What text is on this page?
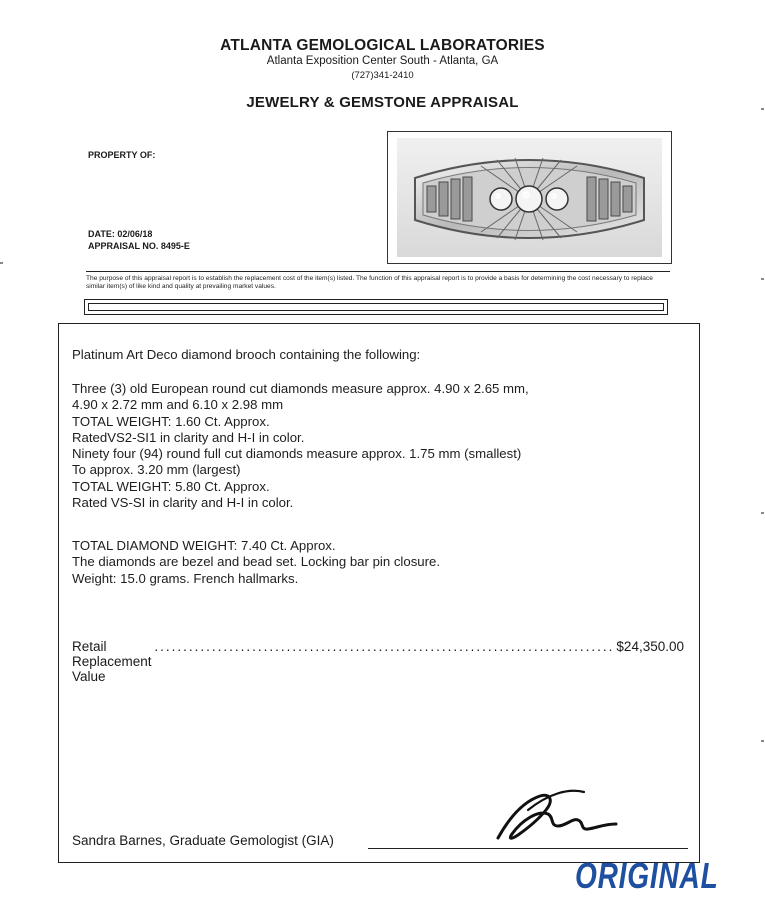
ATLANTA GEMOLOGICAL LABORATORIES
Atlanta Exposition Center South - Atlanta, GA
(727)341-2410
JEWELRY & GEMSTONE APPRAISAL
PROPERTY OF:
DATE: 02/06/18
APPRAISAL NO. 8495-E
The purpose of this appraisal report is to establish the replacement cost of the item(s) listed. The function of this appraisal report is to provide a basis for determining the cost necessary to replace similar item(s) of like kind and quality at prevailing market values.
Platinum Art Deco diamond brooch containing the following:
Three (3) old European round cut diamonds measure approx. 4.90 x 2.65 mm,
4.90 x 2.72 mm and 6.10 x 2.98 mm
TOTAL WEIGHT: 1.60 Ct. Approx.
RatedVS2-SI1 in clarity and H-I in color.
Ninety four (94) round full cut diamonds measure approx. 1.75 mm (smallest)
To approx. 3.20 mm (largest)
TOTAL WEIGHT: 5.80 Ct. Approx.
Rated VS-SI in clarity and H-I in color.
TOTAL DIAMOND WEIGHT: 7.40 Ct. Approx.
The diamonds are bezel and bead set. Locking bar pin closure.
Weight: 15.0 grams. French hallmarks.
Retail Replacement Value
................................................................................ $24,350.00
Sandra Barnes, Graduate Gemologist (GIA)
ORIGINAL
